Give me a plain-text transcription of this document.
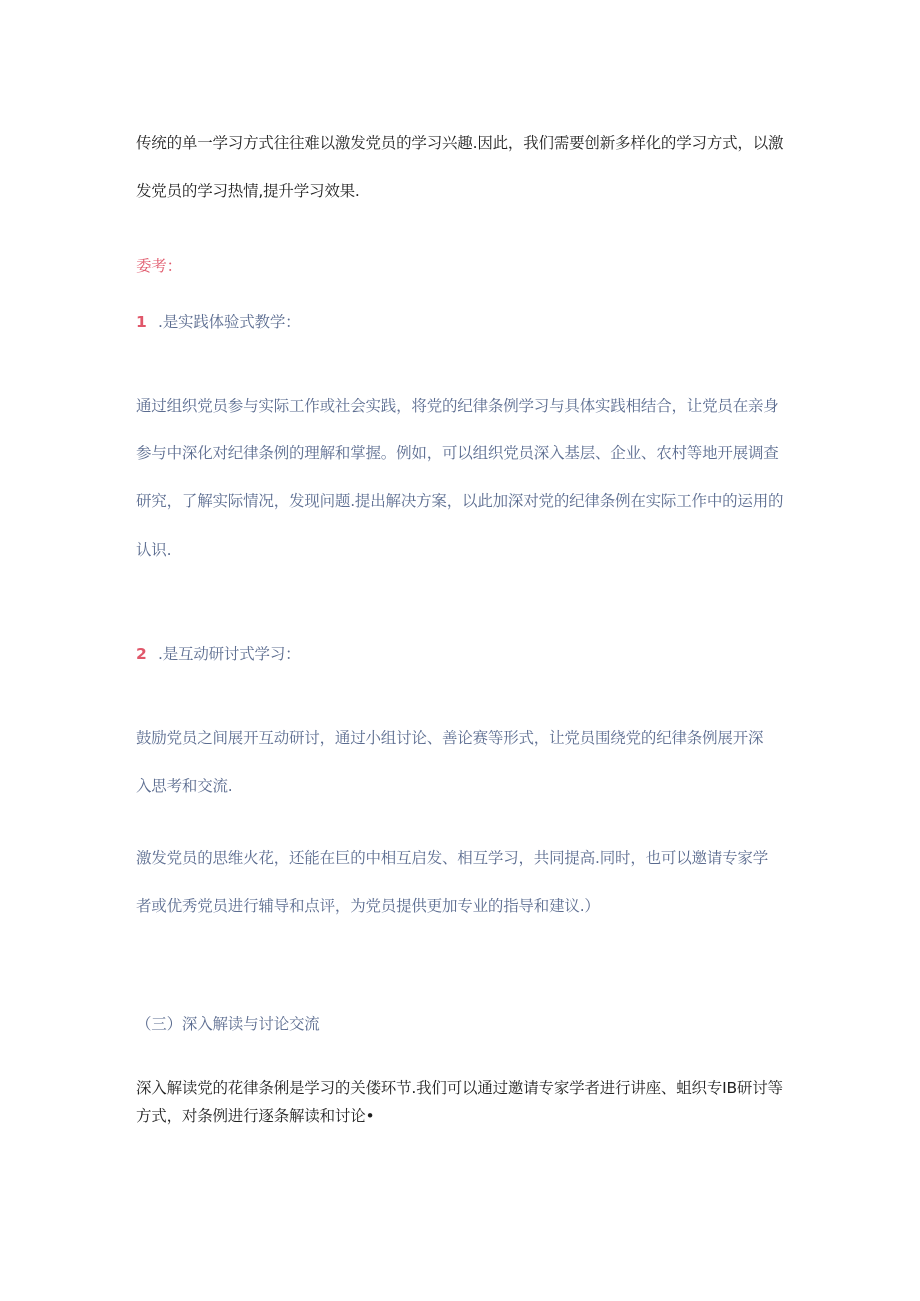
传统的单一学习方式往往难以激发党员的学习兴趣.因此，我们需要创新多样化的学习方式，以激
发党员的学习热情,提升学习效果.
委考：
1 .是实践体验式教学：
通过组织党员参与实际工作或社会实践，将党的纪律条例学习与具体实践相结合，让党员在亲身
参与中深化对纪律条例的理解和掌握。例如，可以组织党员深入基层、企业、农村等地开展调查
研究，了解实际情况，发现问题.提出解决方案，以此加深对党的纪律条例在实际工作中的运用的
认识.
2 .是互动研讨式学习：
鼓励党员之间展开互动研讨，通过小组讨论、善论赛等形式，让党员围绕党的纪律条例展开深
入思考和交流.
激发党员的思维火花，还能在巨的中相互启发、相互学习，共同提高.同时，也可以邀请专家学
者或优秀党员进行辅导和点评，为党员提供更加专业的指导和建议.）
（三）深入解读与讨论交流
深入解读党的花律条俐是学习的关偻环节.我们可以通过邀请专家学者进行讲座、蛆织专IB研讨等
方式，对条例进行逐条解读和讨论•
